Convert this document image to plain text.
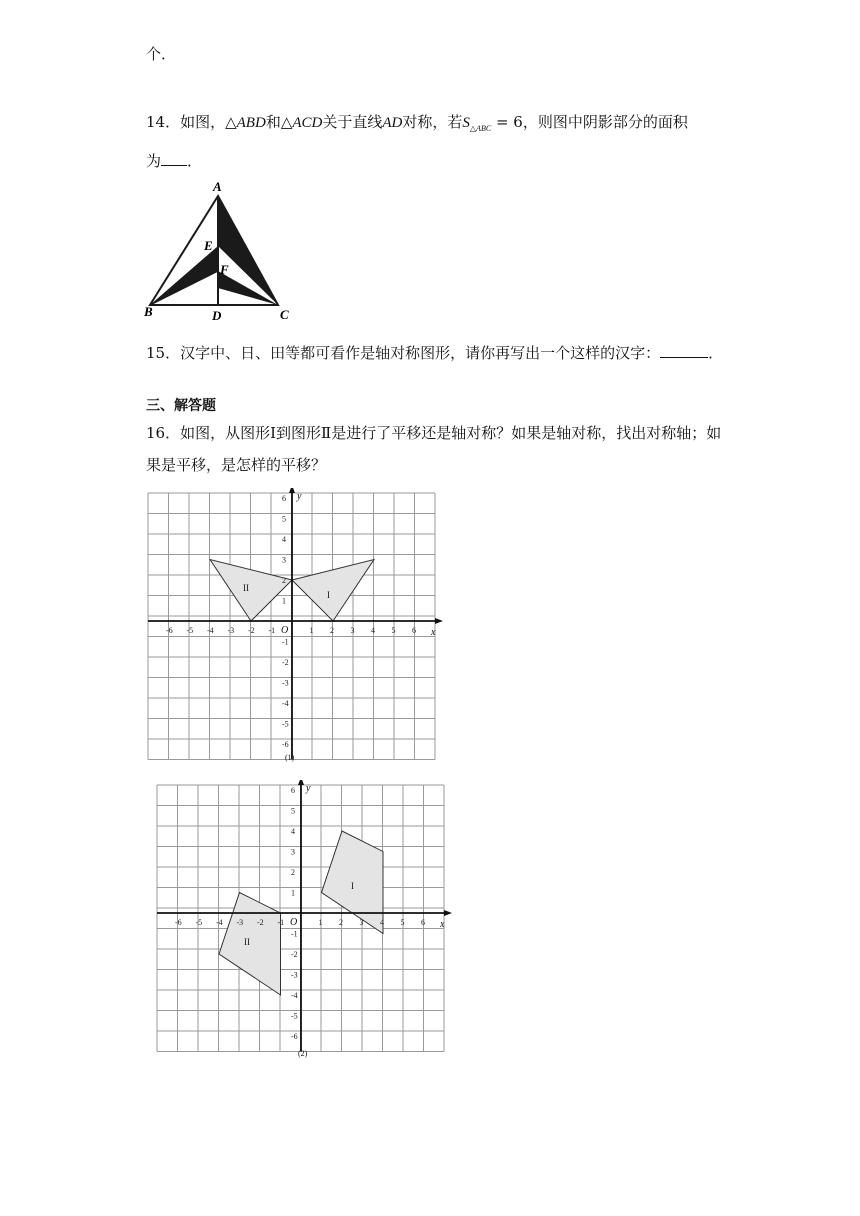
个．
14．如图，△ABD和△ACD关于直线AD对称，若$S_{\triangle ABC} = 6$，则图中阴影部分的面积
为 ．
A
B	C
D
E
F
15．汉字中、日、田等都可看作是轴对称图形，请你再写出一个这样的汉字：	．
三、解答题
16．如图，从图形Ⅰ到图形Ⅱ是进行了平移还是轴对称？如果是轴对称，找出对称轴；如
果是平移，是怎样的平移？
-6
-6
-5
-5
-4
-4
-3
-3
-2
-2
-1
-1
1
1
2
2
3
3
4
4
5
5
6
6
O	x
y
I
II
(1)
-6
-6
-5
-5
-4
-4
-3
-3
-2
-2
-1
-1
1
1
2
2
3
3
4
4
5
5
6
6
O	x
y
I
II
(2)
